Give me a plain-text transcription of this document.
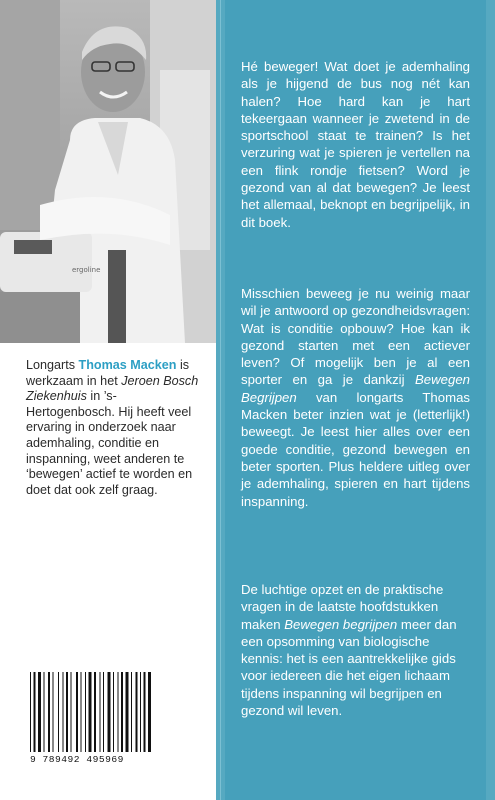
ergoline

Longarts Thomas Macken is werkzaam in het Jeroen Bosch Ziekenhuis in ’s-Hertogenbosch. Hij heeft veel ervaring in onderzoek naar ademhaling, conditie en inspanning, weet anderen te ‘bewegen’ actief te worden en doet dat ook zelf graag.

9 789492 495969

Hé beweger! Wat doet je ademhaling als je hijgend de bus nog nét kan halen? Hoe hard kan je hart tekeergaan wanneer je zwetend in de sportschool staat te trainen? Is het verzuring wat je spieren je vertellen na een flink rondje fietsen? Word je gezond van al dat bewegen? Je leest het allemaal, beknopt en begrijpelijk, in dit boek.

Misschien beweeg je nu weinig maar wil je antwoord op gezondheidsvragen: Wat is conditie opbouw? Hoe kan ik gezond starten met een actiever leven? Of mogelijk ben je al een sporter en ga je dankzij Bewegen Begrijpen van longarts Thomas Macken beter inzien wat je (letterlijk!) beweegt. Je leest hier alles over een goede conditie, gezond bewegen en beter sporten. Plus heldere uitleg over je ademhaling, spieren en hart tijdens inspanning.

De luchtige opzet en de praktische vragen in de laatste hoofdstukken maken Bewegen begrijpen meer dan een opsomming van biologische kennis: het is een aantrekkelijke gids voor iedereen die het eigen lichaam tijdens inspanning wil begrijpen en gezond wil leven.
